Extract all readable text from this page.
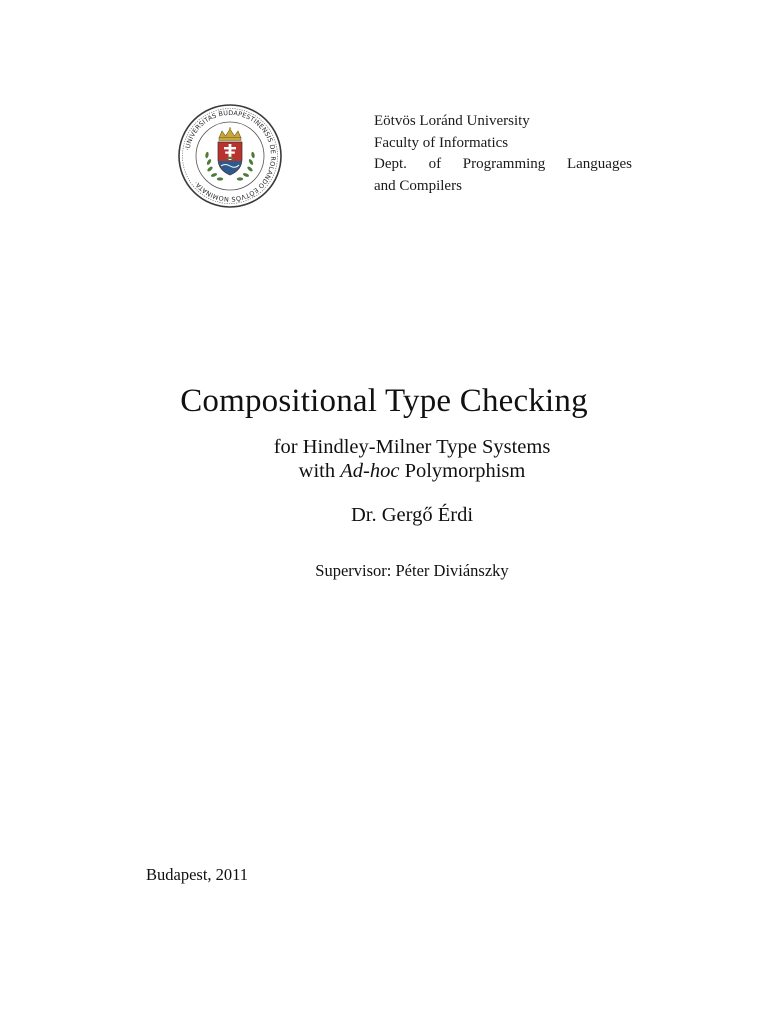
·UNIVERSITAS BUDAPESTINENSIS DE ROLANDO EÖTVÖS NOMINATA·
Eötvös Loránd University
Faculty of Informatics
Dept. of Programming Languages
and Compilers
Compositional Type Checking
for Hindley-Milner Type Systems
with Ad-hoc Polymorphism
Dr. Gergő Érdi
Supervisor: Péter Diviánszky
Budapest, 2011
